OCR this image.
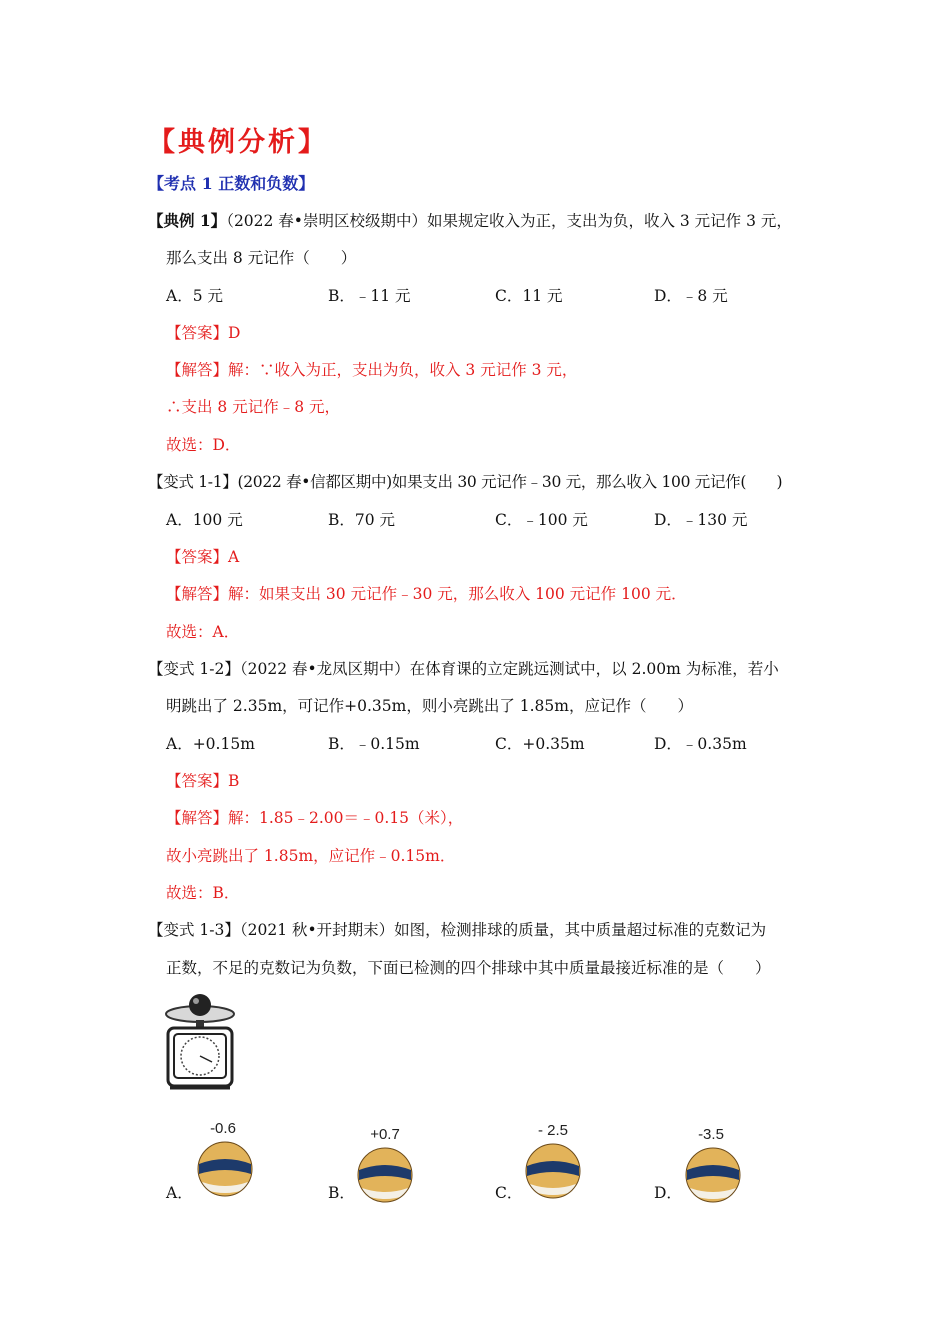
【典例分析】
【考点 1 正数和负数】
【典例 1】（2022 春•崇明区校级期中）如果规定收入为正，支出为负，收入 3 元记作 3 元，
那么支出 8 元记作（　　）
A．5 元	B．﹣11 元	C．11 元	D．﹣8 元
【答案】D
【解答】解：∵收入为正，支出为负，收入 3 元记作 3 元，
∴支出 8 元记作﹣8 元，
故选：D．
【变式 1-1】(2022 春•信都区期中)如果支出 30 元记作﹣30 元，那么收入 100 元记作(　　)
A．100 元	B．70 元	C．﹣100 元	D．﹣130 元
【答案】A
【解答】解：如果支出 30 元记作﹣30 元，那么收入 100 元记作 100 元．
故选：A．
【变式 1-2】（2022 春•龙凤区期中）在体育课的立定跳远测试中，以 2.00m 为标准，若小
明跳出了 2.35m，可记作+0.35m，则小亮跳出了 1.85m，应记作（　　）
A．+0.15m	B．﹣0.15m	C．+0.35m	D．﹣0.35m
【答案】B
【解答】解：1.85﹣2.00＝﹣0.15（米），
故小亮跳出了 1.85m，应记作﹣0.15m．
故选：B．
【变式 1-3】（2021 秋•开封期末）如图，检测排球的质量，其中质量超过标准的克数记为
正数，不足的克数记为负数，下面已检测的四个排球中其中质量最接近标准的是（　　）
A．	B．	C．	D．
-0.6	+0.7	- 2.5	-3.5
